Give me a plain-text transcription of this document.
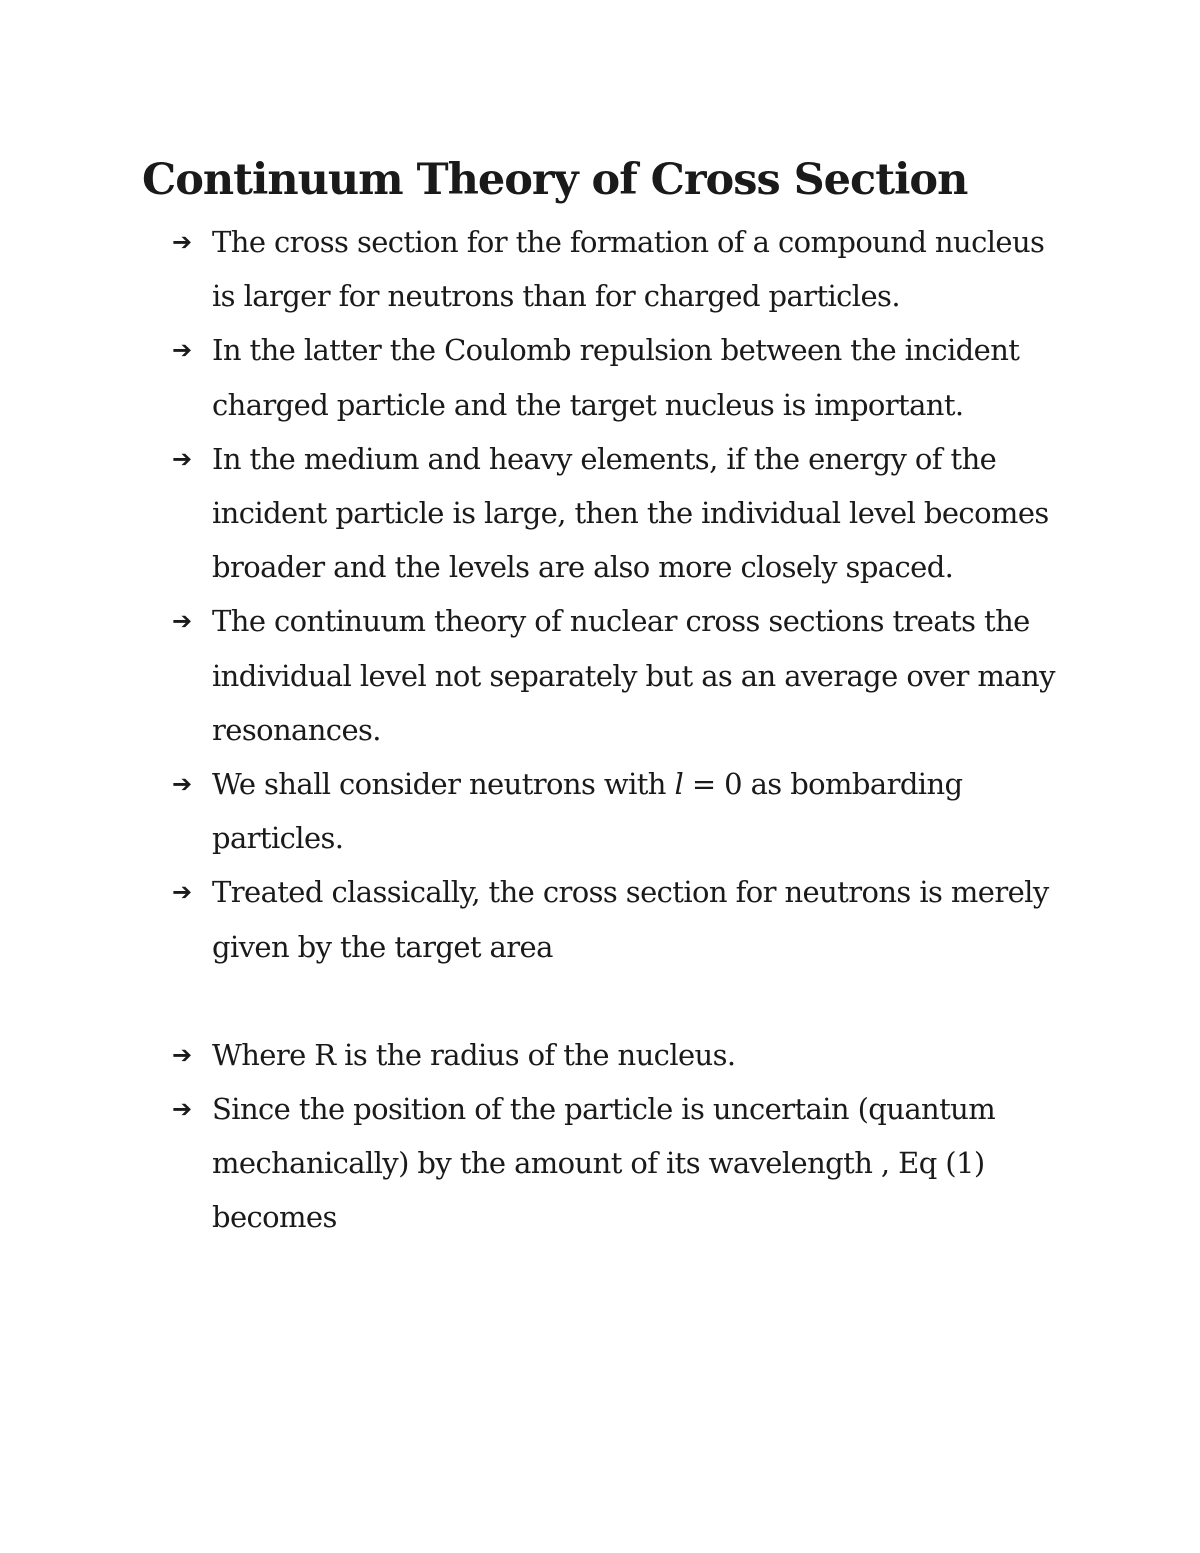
Continuum Theory of Cross Section
➔ The cross section for the formation of a compound nucleus is larger for neutrons than for charged particles.
➔ In the latter the Coulomb repulsion between the incident charged particle and the target nucleus is important.
➔ In the medium and heavy elements, if the energy of the incident particle is large, then the individual level becomes broader and the levels are also more closely spaced.
➔ The continuum theory of nuclear cross sections treats the individual level not separately but as an average over many resonances.
➔ We shall consider neutrons with l = 0 as bombarding particles.
➔ Treated classically, the cross section for neutrons is merely given by the target area
➔ Where R is the radius of the nucleus.
➔ Since the position of the particle is uncertain (quantum mechanically) by the amount of its wavelength , Eq (1) becomes
